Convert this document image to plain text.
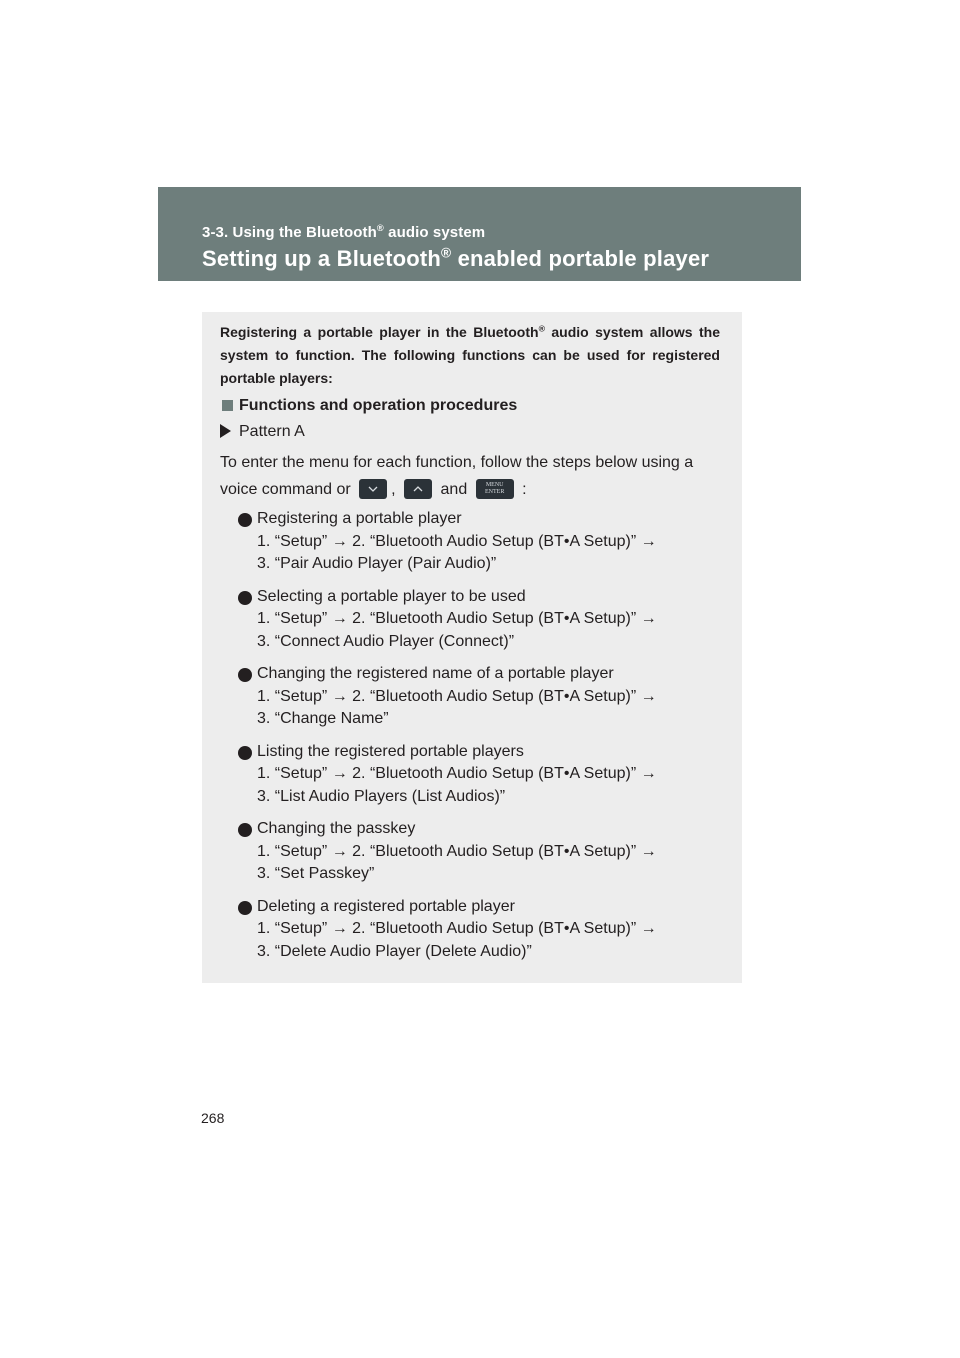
3-3. Using the Bluetooth® audio system
Setting up a Bluetooth® enabled portable player
Registering a portable player in the Bluetooth® audio system allows the system to function. The following functions can be used for registered portable players:
Functions and operation procedures
Pattern A
To enter the menu for each function, follow the steps below using a
voice command or	,	and	MENU
ENTER	:
Registering a portable player
1. “Setup” → 2. “Bluetooth Audio Setup (BT•A Setup)” →
3. “Pair Audio Player (Pair Audio)”
Selecting a portable player to be used
1. “Setup” → 2. “Bluetooth Audio Setup (BT•A Setup)” →
3. “Connect Audio Player (Connect)”
Changing the registered name of a portable player
1. “Setup” → 2. “Bluetooth Audio Setup (BT•A Setup)” →
3. “Change Name”
Listing the registered portable players
1. “Setup” → 2. “Bluetooth Audio Setup (BT•A Setup)” →
3. “List Audio Players (List Audios)”
Changing the passkey
1. “Setup” → 2. “Bluetooth Audio Setup (BT•A Setup)” →
3. “Set Passkey”
Deleting a registered portable player
1. “Setup” → 2. “Bluetooth Audio Setup (BT•A Setup)” →
3. “Delete Audio Player (Delete Audio)”
268
